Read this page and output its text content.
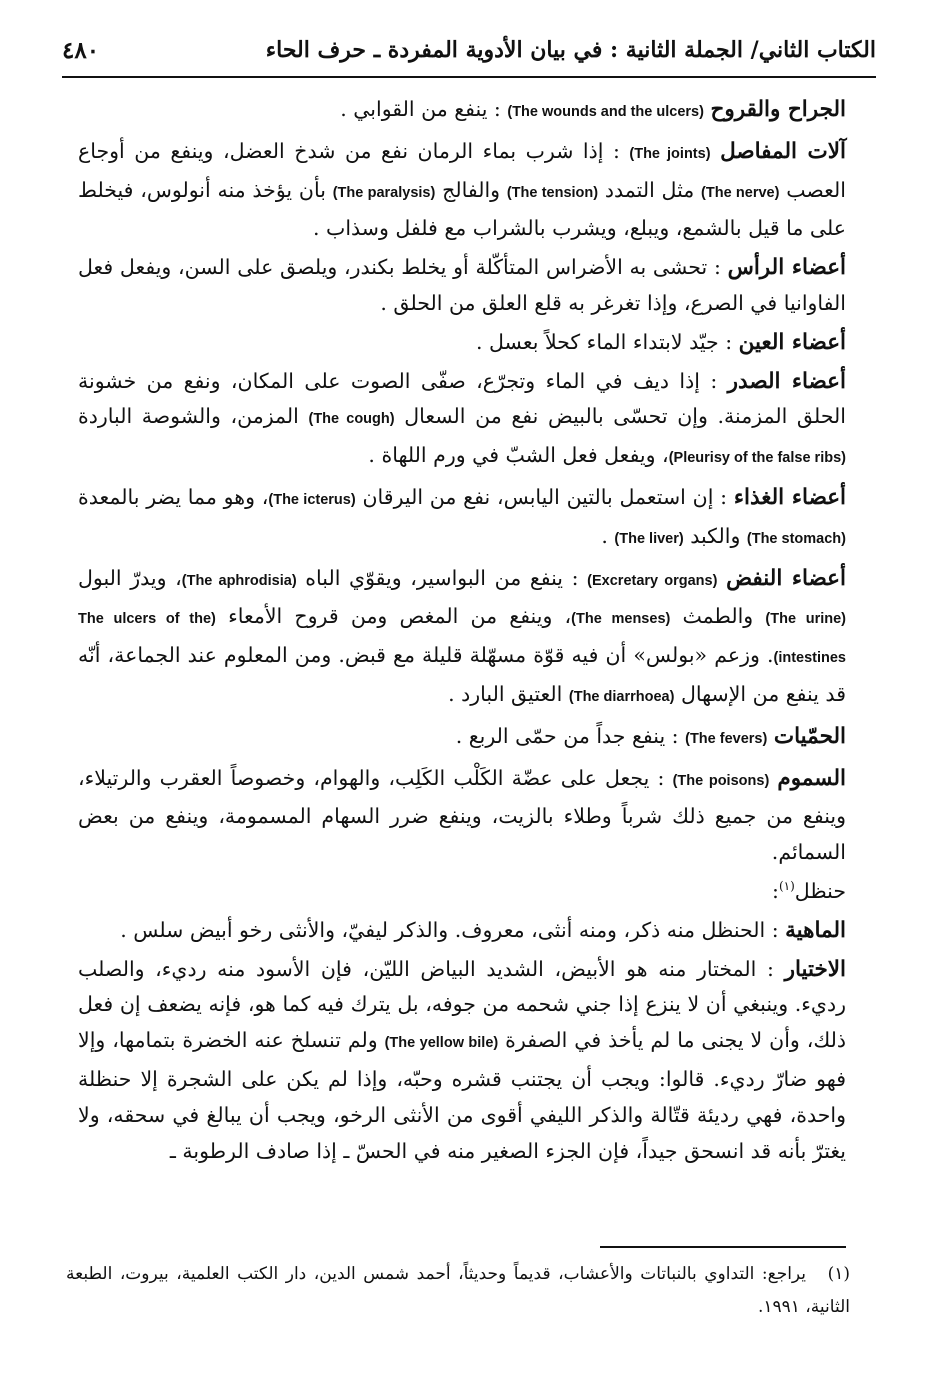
الكتاب الثاني/ الجملة الثانية : في بيان الأدوية المفردة ـ حرف الحاء
٤٨٠

الجراح والقروح (The wounds and the ulcers) : ينفع من القوابي .

آلات المفاصل (The joints) : إذا شرب بماء الرمان نفع من شدخ العضل، وينفع من أوجاع العصب (The nerve) مثل التمدد (The tension) والفالج (The paralysis) بأن يؤخذ منه أنولوس، فيخلط على ما قيل بالشمع، ويبلع، ويشرب بالشراب مع فلفل وسذاب .

أعضاء الرأس : تحشى به الأضراس المتأكّلة أو يخلط بكندر، ويلصق على السن، ويفعل فعل الفاوانيا في الصرع، وإذا تغرغر به قلع العلق من الحلق .

أعضاء العين : جيّد لابتداء الماء كحلاً بعسل .

أعضاء الصدر : إذا ديف في الماء وتجرّع، صفّى الصوت على المكان، ونفع من خشونة الحلق المزمنة. وإن تحسّى بالبيض نفع من السعال (The cough) المزمن، والشوصة الباردة (Pleurisy of the false ribs)، ويفعل فعل الشبّ في ورم اللهاة .

أعضاء الغذاء : إن استعمل بالتين اليابس، نفع من اليرقان (The icterus)، وهو مما يضر بالمعدة (The stomach) والكبد (The liver) .

أعضاء النفض (Excretary organs) : ينفع من البواسير، ويقوّي الباه (The aphrodisia)، ويدرّ البول (The urine) والطمث (The menses)، وينفع من المغص ومن قروح الأمعاء (The ulcers of the intestines). وزعم «بولس» أن فيه قوّة مسهّلة قليلة مع قبض. ومن المعلوم عند الجماعة، أنّه قد ينفع من الإسهال (The diarrhoea) العتيق البارد .

الحمّيات (The fevers) : ينفع جداً من حمّى الربع .

السموم (The poisons) : يجعل على عضّة الكَلْب الكَلِب، والهوام، وخصوصاً العقرب والرتيلاء، وينفع من جميع ذلك شرباً وطلاء بالزيت، وينفع ضرر السهام المسمومة، وينفع من بعض السمائم.

حنظل$^{(١)}$:

الماهية : الحنظل منه ذكر، ومنه أنثى، معروف. والذكر ليفيّ، والأنثى رخو أبيض سلس .

الاختيار : المختار منه هو الأبيض، الشديد البياض الليّن، فإن الأسود منه رديء، والصلب رديء. وينبغي أن لا ينزع إذا جني شحمه من جوفه، بل يترك فيه كما هو، فإنه يضعف إن فعل ذلك، وأن لا يجنى ما لم يأخذ في الصفرة (The yellow bile) ولم تنسلخ عنه الخضرة بتمامها، وإلا فهو ضارّ رديء. قالوا: ويجب أن يجتنب قشره وحبّه، وإذا لم يكن على الشجرة إلا حنظلة واحدة، فهي رديئة قتّالة والذكر الليفي أقوى من الأنثى الرخو، ويجب أن يبالغ في سحقه، ولا يغترّ بأنه قد انسحق جيداً، فإن الجزء الصغير منه في الحسّ ـ إذا صادف الرطوبة ـ

(١) يراجع: التداوي بالنباتات والأعشاب، قديماً وحديثاً، أحمد شمس الدين، دار الكتب العلمية، بيروت، الطبعة الثانية، ١٩٩١.
